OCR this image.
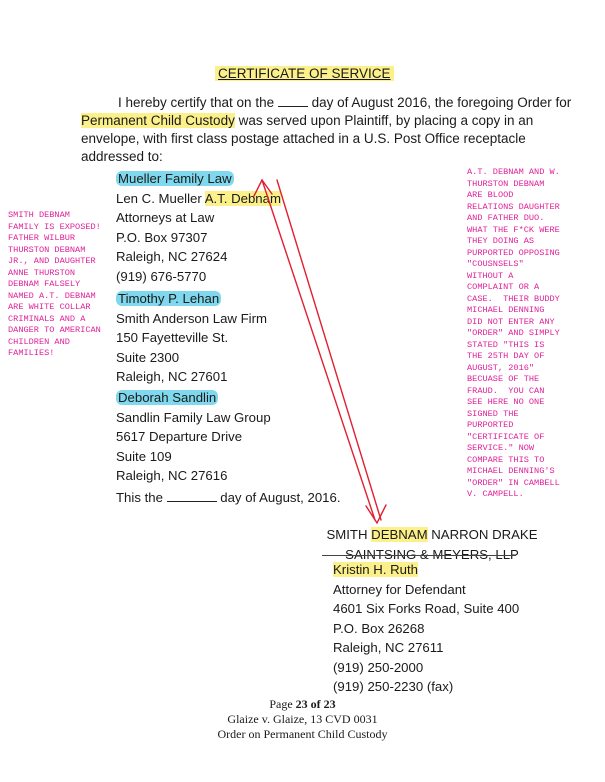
CERTIFICATE OF SERVICE
I hereby certify that on the	day of August 2016, the foregoing Order for
Permanent Child Custody was served upon Plaintiff, by placing a copy in an
envelope, with first class postage attached in a U.S. Post Office receptacle
addressed to:
Mueller Family Law
Len C. Mueller A.T. Debnam
Attorneys at Law
P.O. Box 97307
Raleigh, NC 27624
(919) 676-5770
Timothy P. Lehan
Smith Anderson Law Firm
150 Fayetteville St.
Suite 2300
Raleigh, NC 27601
Deborah Sandlin
Sandlin Family Law Group
5617 Departure Drive
Suite 109
Raleigh, NC 27616
This the	day of August, 2016.
SMITH DEBNAM NARRON DRAKE
SAINTSING & MEYERS, LLP
Kristin H. Ruth
Attorney for Defendant
4601 Six Forks Road, Suite 400
P.O. Box 26268
Raleigh, NC 27611
(919) 250-2000
(919) 250-2230 (fax)
Page 23 of 23
Glaize v. Glaize, 13 CVD 0031
Order on Permanent Child Custody

SMITH DEBNAM
FAMILY IS EXPOSED!
FATHER WILBUR
THURSTON DEBNAM
JR., AND DAUGHTER
ANNE THURSTON
DEBNAM FALSELY
NAMED A.T. DEBNAM
ARE WHITE COLLAR
CRIMINALS AND A
DANGER TO AMERICAN
CHILDREN AND
FAMILIES!

A.T. DEBNAM AND W.
THURSTON DEBNAM
ARE BLOOD
RELATIONS DAUGHTER
AND FATHER DUO.
WHAT THE F*CK WERE
THEY DOING AS
PURPORTED OPPOSING
"COUSNSELS"
WITHOUT A
COMPLAINT OR A
CASE.  THEIR BUDDY
MICHAEL DENNING
DID NOT ENTER ANY
"ORDER" AND SIMPLY
STATED "THIS IS
THE 25TH DAY OF
AUGUST, 2016"
BECUASE OF THE
FRAUD.  YOU CAN
SEE HERE NO ONE
SIGNED THE
PURPORTED
"CERTIFICATE OF
SERVICE." NOW
COMPARE THIS TO
MICHAEL DENNING'S
"ORDER" IN CAMBELL
V. CAMPELL.
